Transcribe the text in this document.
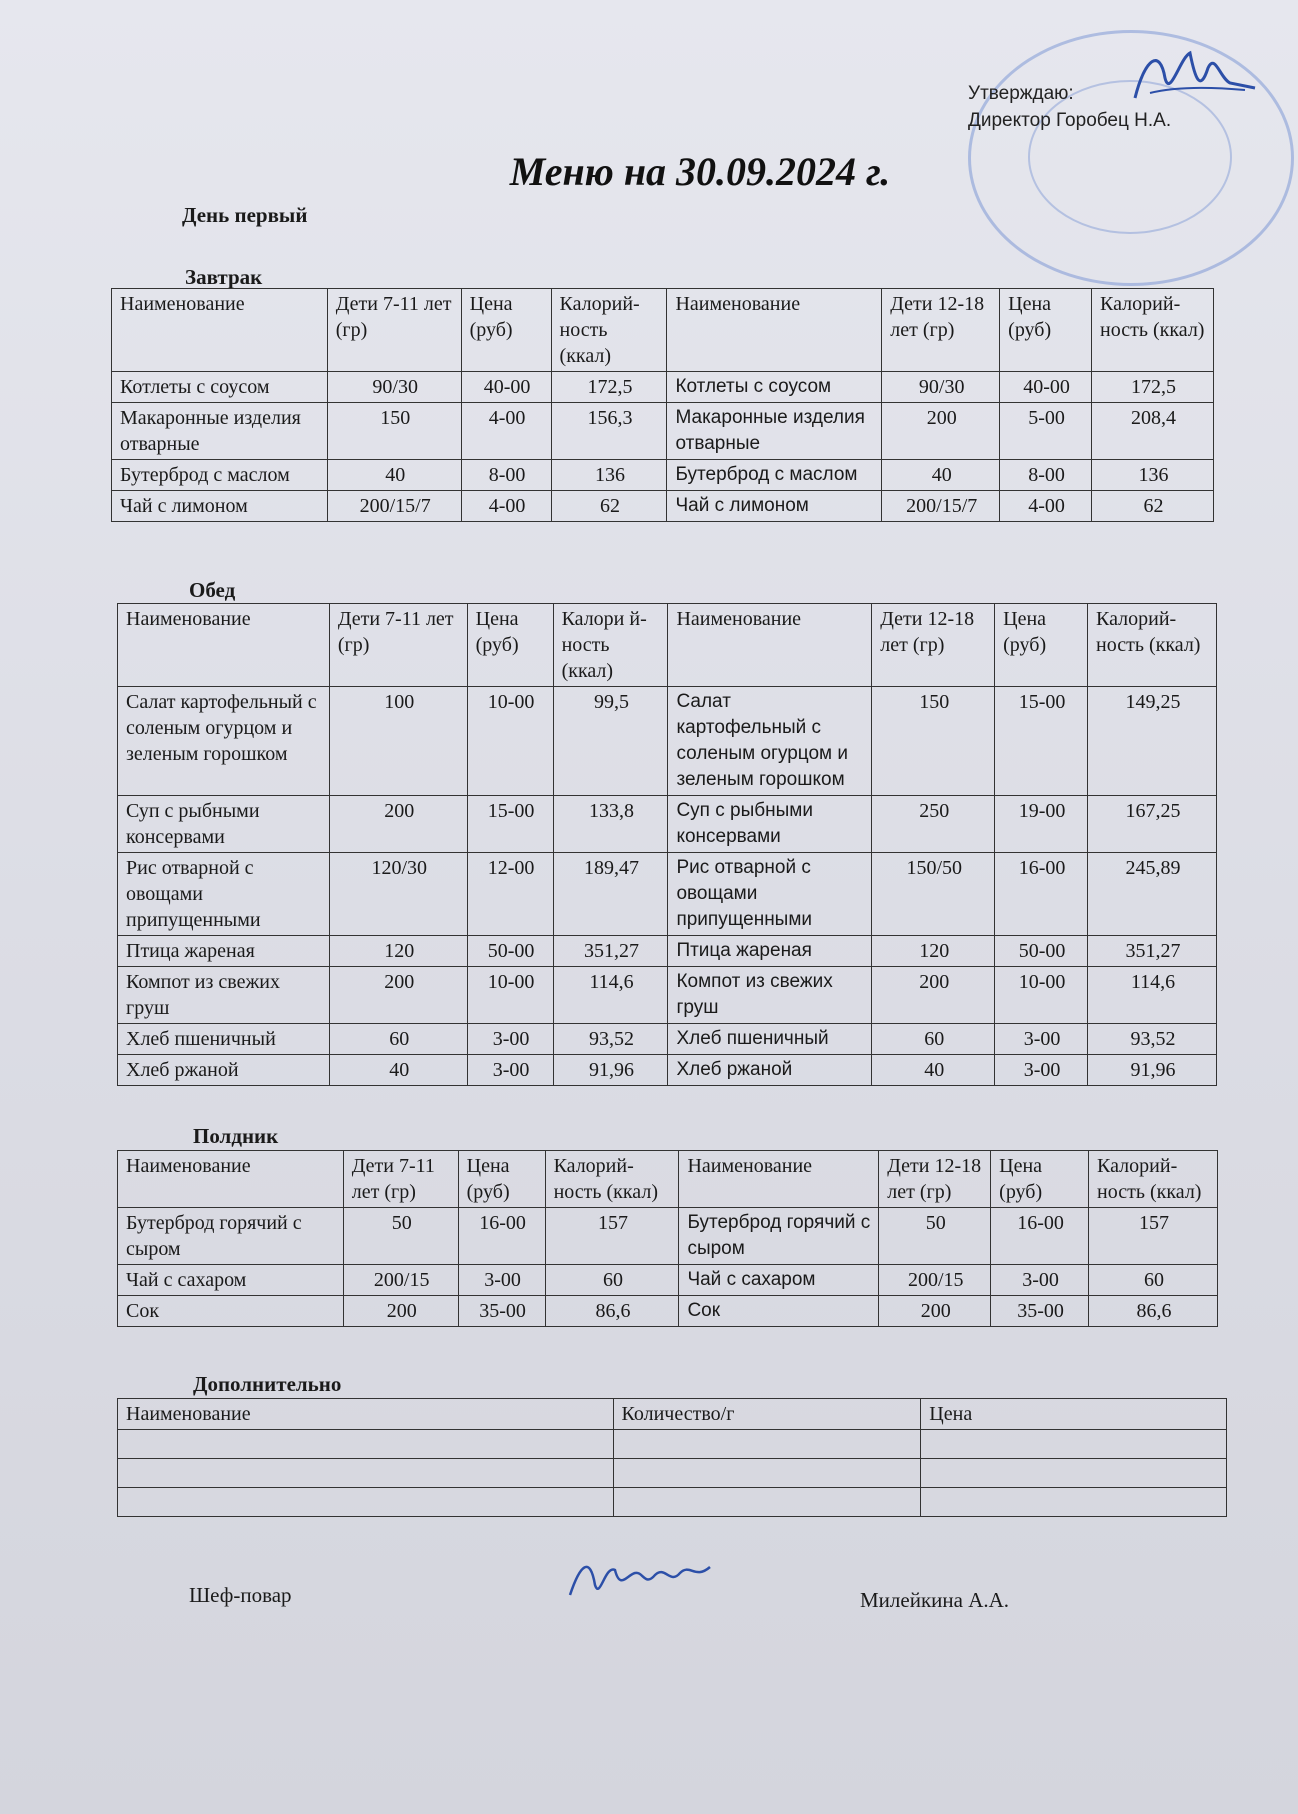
Утверждаю:
Директор Горобец Н.А.
Меню на 30.09.2024 г.
День первый
Завтрак
Наименование	Дети 7-11 лет (гр)	Цена (руб)	Калорий-ность (ккал)	Наименование	Дети 12-18 лет (гр)	Цена (руб)	Калорий-ность (ккал)
Котлеты с соусом	90/30	40-00	172,5	Котлеты с соусом	90/30	40-00	172,5
Макаронные изделия отварные	150	4-00	156,3	Макаронные изделия отварные	200	5-00	208,4
Бутерброд с маслом	40	8-00	136	Бутерброд с маслом	40	8-00	136
Чай с лимоном	200/15/7	4-00	62	Чай с лимоном	200/15/7	4-00	62
Обед
Наименование	Дети 7-11 лет (гр)	Цена (руб)	Калори й-ность (ккал)	Наименование	Дети 12-18 лет (гр)	Цена (руб)	Калорий-ность (ккал)
Салат картофельный с соленым огурцом и зеленым горошком	100	10-00	99,5	Салат картофельный с соленым огурцом и зеленым горошком	150	15-00	149,25
Суп с рыбными консервами	200	15-00	133,8	Суп с рыбными консервами	250	19-00	167,25
Рис отварной с овощами припущенными	120/30	12-00	189,47	Рис отварной с овощами припущенными	150/50	16-00	245,89
Птица жареная	120	50-00	351,27	Птица жареная	120	50-00	351,27
Компот из свежих груш	200	10-00	114,6	Компот из свежих груш	200	10-00	114,6
Хлеб пшеничный	60	3-00	93,52	Хлеб пшеничный	60	3-00	93,52
Хлеб ржаной	40	3-00	91,96	Хлеб ржаной	40	3-00	91,96
Полдник
Наименование	Дети 7-11 лет (гр)	Цена (руб)	Калорий-ность (ккал)	Наименование	Дети 12-18 лет (гр)	Цена (руб)	Калорий-ность (ккал)
Бутерброд горячий с сыром	50	16-00	157	Бутерброд горячий с сыром	50	16-00	157
Чай с сахаром	200/15	3-00	60	Чай с сахаром	200/15	3-00	60
Сок	200	35-00	86,6	Сок	200	35-00	86,6
Дополнительно
Наименование	Количество/г	Цена

Шеф-повар	Милейкина А.А.
